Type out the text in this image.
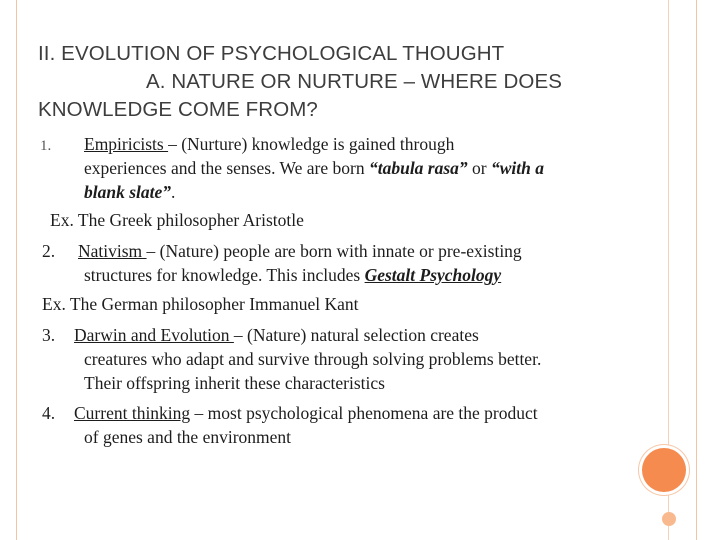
II. EVOLUTION OF PSYCHOLOGICAL THOUGHT
A. NATURE OR NURTURE – WHERE DOES
KNOWLEDGE COME FROM?
1.	Empiricists – (Nurture) knowledge is gained through
experiences and the senses. We are born “tabula rasa” or “with a
blank slate”.
Ex. The Greek philosopher Aristotle
2.	Nativism – (Nature) people are born with innate or pre-existing
structures for knowledge. This includes Gestalt Psychology
Ex. The German philosopher Immanuel Kant
3.	Darwin and Evolution – (Nature) natural selection creates
creatures who adapt and survive through solving problems better.
Their offspring inherit these characteristics
4.	Current thinking – most psychological phenomena are the product
of genes and the environment
